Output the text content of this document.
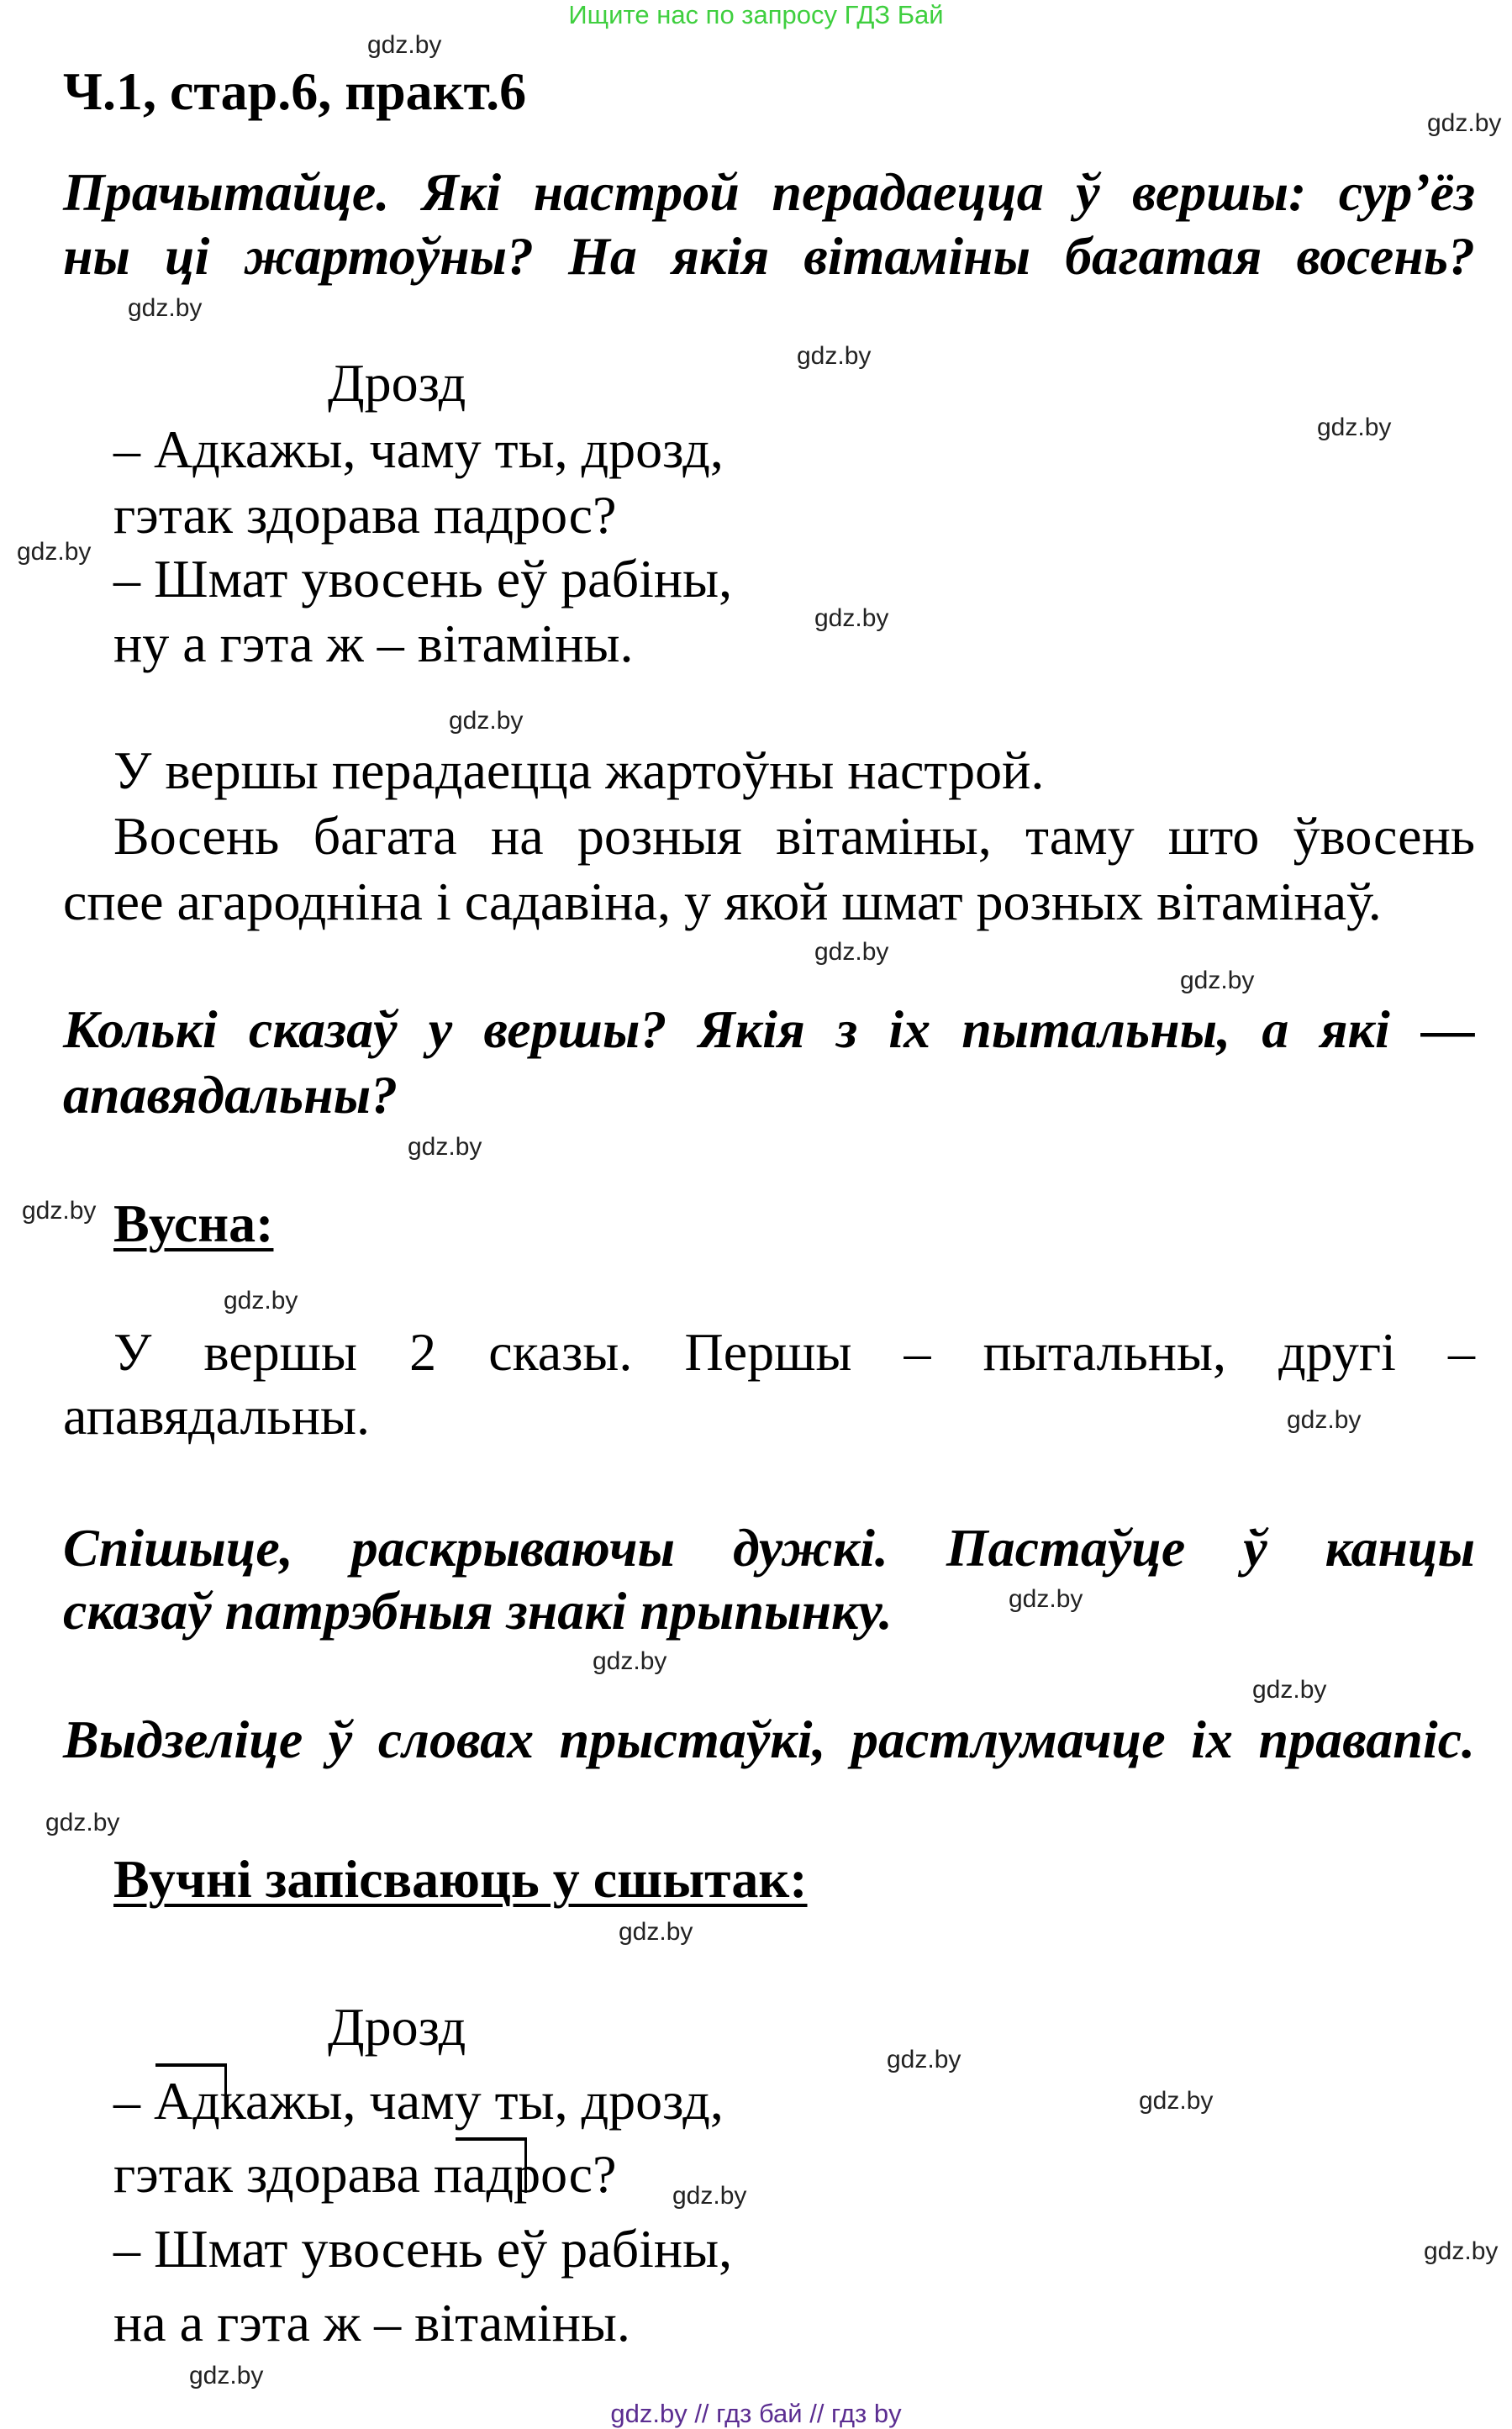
Ищите нас по запросу ГДЗ Бай
Ч.1, стар.6, практ.6
Прачытайце. Які настрой перадаецца ў вершы: сур’ёз
ны ці жартоўны? На якія вітаміны багатая восень?
Дрозд
– Адкажы, чаму ты, дрозд,
гэтак здорава падрос?
– Шмат увосень еў рабіны,
ну а гэта ж – вітаміны.
У вершы перадаецца жартоўны настрой.
Восень багата на розныя вітаміны, таму што ўвосень
спее агародніна і садавіна, у якой шмат розных вітамінаў.
Колькі сказаў у вершы? Якія з іх пытальны, а які —
апавядальны?
Вусна:
У вершы 2 сказы. Першы – пытальны, другі –
апавядальны.
Спішыце, раскрываючы дужкі. Пастаўце ў канцы
сказаў патрэбныя знакі прыпынку.
Выдзеліце ў словах прыстаўкі, растлумачце іх правапіс.
Вучні запісваюць у сшытак:
Дрозд
– Адкажы, чаму ты, дрозд,
гэтак здорава падрос?
– Шмат увосень еў рабіны,
на а гэта ж – вітаміны.
gdz.by
gdz.by
gdz.by
gdz.by
gdz.by
gdz.by
gdz.by
gdz.by
gdz.by
gdz.by
gdz.by
gdz.by
gdz.by
gdz.by
gdz.by
gdz.by
gdz.by
gdz.by
gdz.by
gdz.by
gdz.by
gdz.by
gdz.by
gdz.by
gdz.by // гдз бай // гдз by
